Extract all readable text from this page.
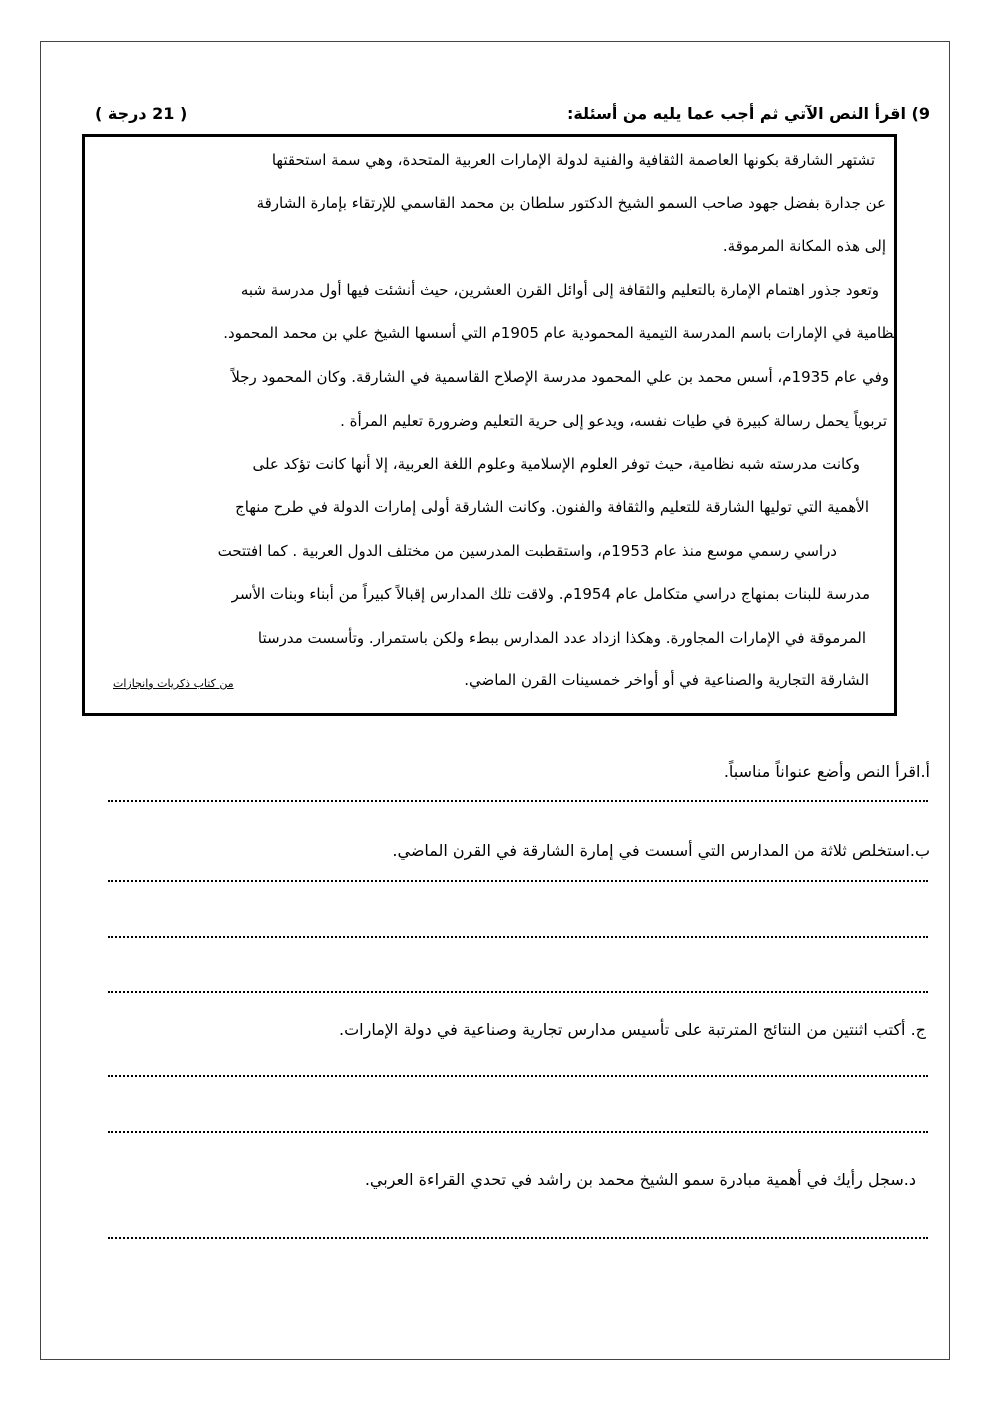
9) اقرأ النص الآتي ثم أجب عما يليه من أسئلة:
( 21 درجة )
تشتهر الشارقة بكونها العاصمة الثقافية والفنية لدولة الإمارات العربية المتحدة، وهي سمة استحقتها
عن جدارة بفضل جهود صاحب السمو الشيخ الدكتور سلطان بن محمد القاسمي للإرتقاء بإمارة الشارقة
إلى هذه المكانة المرموقة.
وتعود جذور اهتمام الإمارة بالتعليم والثقافة إلى أوائل القرن العشرين، حيث أنشئت فيها أول مدرسة شبه
نظامية في الإمارات باسم المدرسة التيمية المحمودية عام 1905م التي أسسها الشيخ علي بن محمد المحمود.
وفي عام 1935م، أسس محمد بن علي المحمود مدرسة الإصلاح القاسمية في الشارقة. وكان المحمود رجلاً
تربوياً يحمل رسالة كبيرة في طيات نفسه، ويدعو إلى حرية التعليم وضرورة تعليم المرأة .
وكانت مدرسته شبه نظامية، حيث توفر العلوم الإسلامية وعلوم اللغة العربية، إلا أنها كانت تؤكد على
الأهمية التي توليها الشارقة للتعليم والثقافة والفنون. وكانت الشارقة أولى إمارات الدولة في طرح منهاج
دراسي رسمي موسع منذ عام 1953م، واستقطبت المدرسين من مختلف الدول العربية . كما افتتحت
مدرسة للبنات بمنهاج دراسي متكامل عام 1954م. ولاقت تلك المدارس إقبالاً كبيراً من أبناء وبنات الأسر
المرموقة في الإمارات المجاورة. وهكذا ازداد عدد المدارس ببطء ولكن باستمرار. وتأسست مدرستا
الشارقة التجارية والصناعية في أو أواخر خمسينات القرن الماضي.
من كتاب ذكريات وانجازات
أ.اقرأ النص وأضع عنواناً مناسباً.
ب.استخلص ثلاثة من المدارس التي أسست في إمارة الشارقة في القرن الماضي.
ج. أكتب اثنتين من النتائج المترتبة على تأسيس مدارس تجارية وصناعية في دولة الإمارات.
د.سجل رأيك في أهمية مبادرة سمو الشيخ محمد بن راشد في تحدي القراءة العربي.
